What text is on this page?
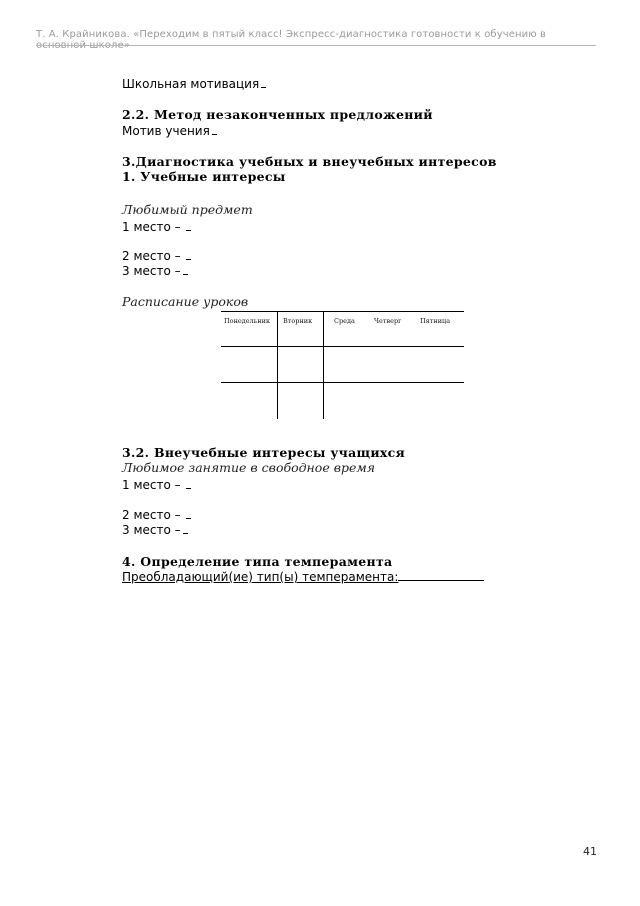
Т. А. Крайникова. «Переходим в пятый класс! Экспресс-диагностика готовности к обучению в основной школе»
Школьная мотивация
2.2. Метод незаконченных предложений
Мотив учения
3.Диагностика учебных и внеучебных интересов
1. Учебные интересы
Любимый предмет
1 место –
2 место –
3 место –
Расписание уроков
Понедельник Вторник	Среда	Четверг	Пятница
3.2. Внеучебные интересы учащихся
Любимое занятие в свободное время
1 место –
2 место –
3 место –
4. Определение типа темперамента
Преобладающий(ие) тип(ы) темперамента:
41
